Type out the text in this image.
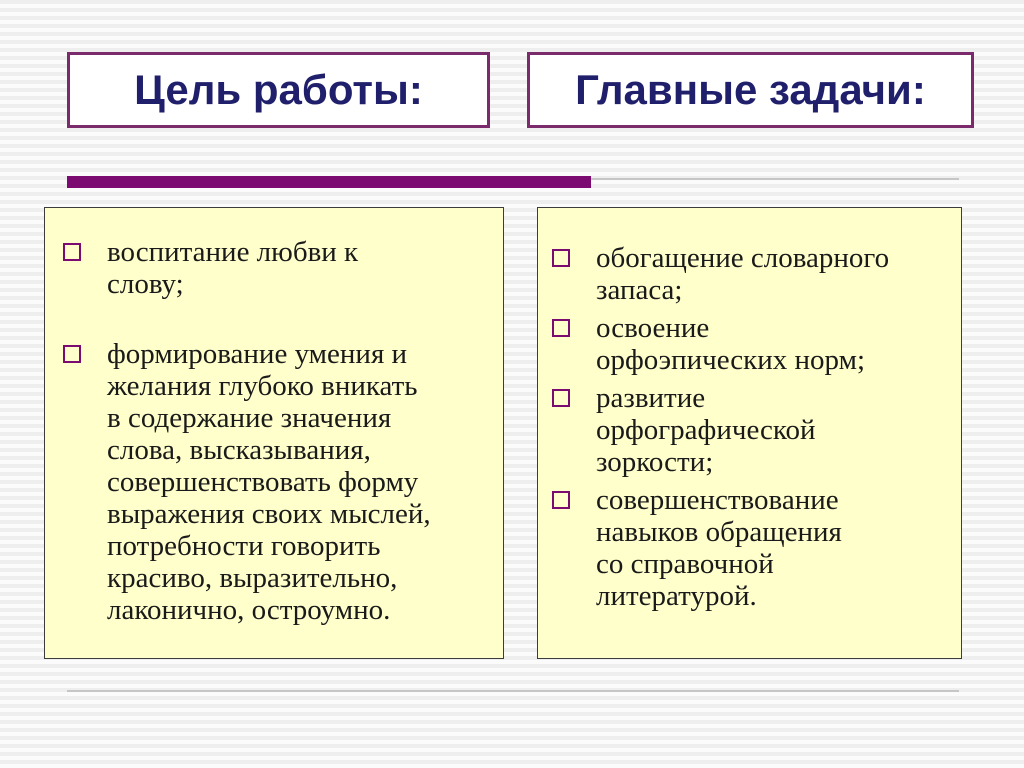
Цель работы:	Главные задачи:
воспитание любви к
слову;
формирование умения и
желания глубоко вникать
в содержание значения
слова, высказывания,
совершенствовать форму
выражения своих мыслей,
потребности говорить
красиво, выразительно,
лаконично, остроумно.
обогащение словарного
запаса;
освоение
орфоэпических норм;
развитие
орфографической
зоркости;
совершенствование
навыков обращения
со справочной
литературой.
